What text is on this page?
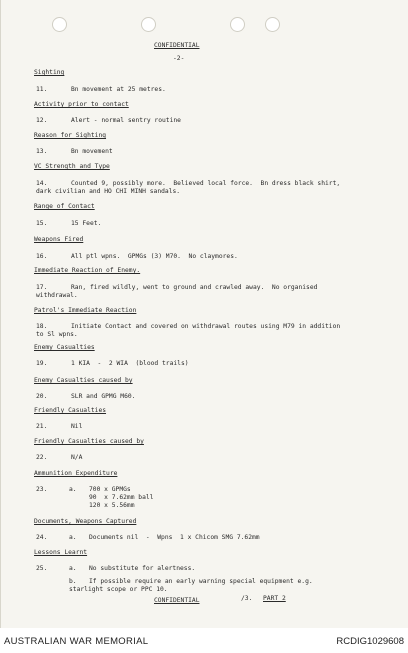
CONFIDENTIAL
-2-
Sighting
11.	Bn movement at 25 metres.
Activity prior to contact
12.	Alert - normal sentry routine
Reason for Sighting
13.	Bn movement
VC Strength and Type
14.	Counted 9, possibly more.  Believed local force.  Bn dress black shirt,
dark civilian and HO CHI MINH sandals.
Range of Contact
15.	15 Feet.
Weapons Fired
16.	All ptl wpns.  GPMGs (3) M70.  No claymores.
Immediate Reaction of Enemy.
17.	Ran, fired wildly, went to ground and crawled away.  No organised
withdrawal.
Patrol's Immediate Reaction
18.	Initiate Contact and covered on withdrawal routes using M79 in addition
to Sl wpns.
Enemy Casualties
19.	1 KIA  -  2 WIA  (blood trails)
Enemy Casualties caused by
20.	SLR and GPMG M60.
Friendly Casualties
21.	Nil
Friendly Casualties caused by
22.	N/A
Ammunition Expenditure
23.	a. 700 x GPMGs
90  x 7.62mm ball
120 x 5.56mm
Documents, Weapons Captured
24.	a. Documents nil  -  Wpns  1 x Chicom SMG 7.62mm
Lessons Learnt
25.	a. No substitute for alertness.
b. If possible require an early warning special equipment e.g.
starlight scope or PPC 10.
CONFIDENTIAL	/3. PART 2
AUSTRALIAN WAR MEMORIAL	RCDIG1029608
